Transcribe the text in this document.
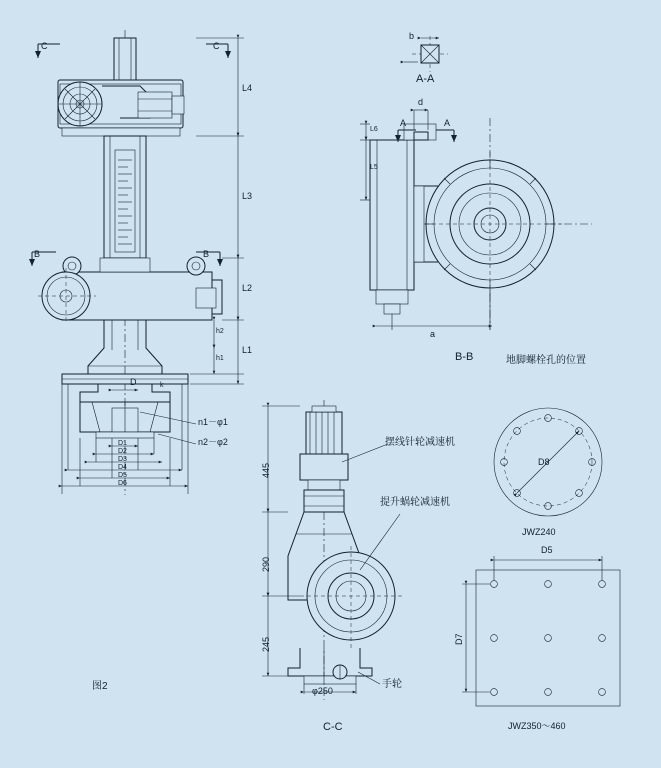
C	C
B	B
L4
L3
L2
L1
h2
h1
D	k
D1
D2
D3
D4
D5
D6
n1－φ1
n2－φ2
b
A-A
d
L6
L5
A	A
a
B-B	地脚螺栓孔的位置
D8
JWZ240
D5
D7
JWZ350～460
445
290
245
φ250
摆线针轮减速机
提升蜗轮减速机
手轮
C-C
图2
